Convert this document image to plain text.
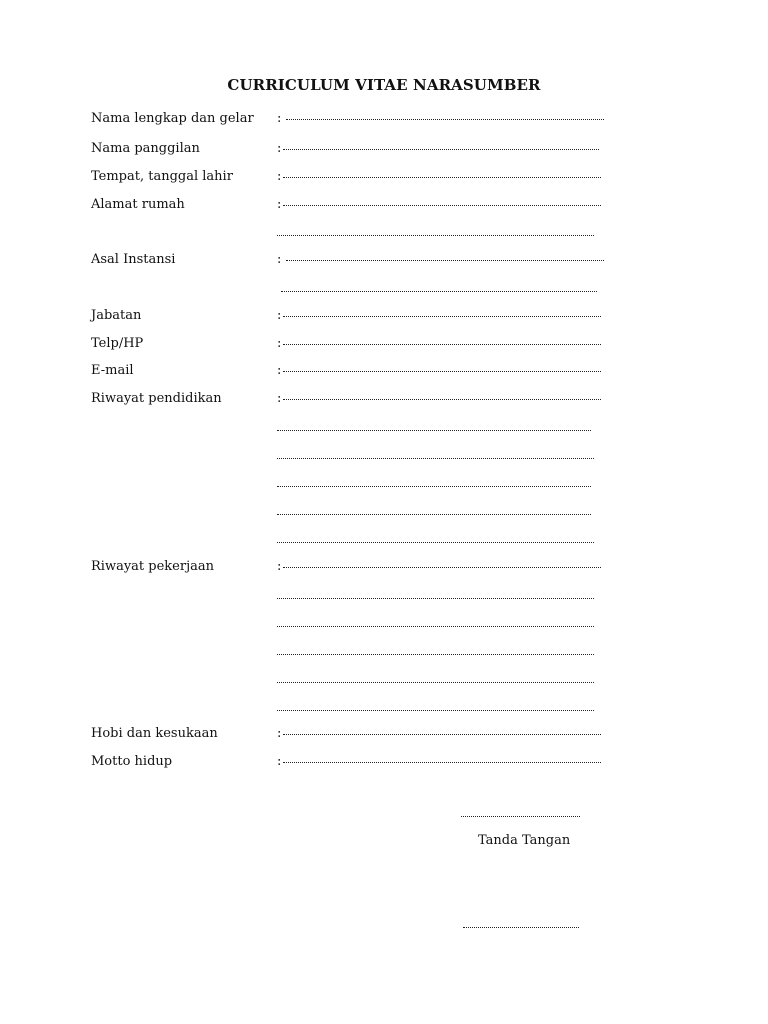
CURRICULUM VITAE NARASUMBER
Nama lengkap dan gelar :
Nama panggilan	:
Tempat, tanggal lahir	:
Alamat rumah	:
Asal Instansi	:
Jabatan	:
Telp/HP	:
E-mail	:
Riwayat pendidikan	:
Riwayat pekerjaan	:
Hobi dan kesukaan	:
Motto hidup	:
Tanda Tangan
